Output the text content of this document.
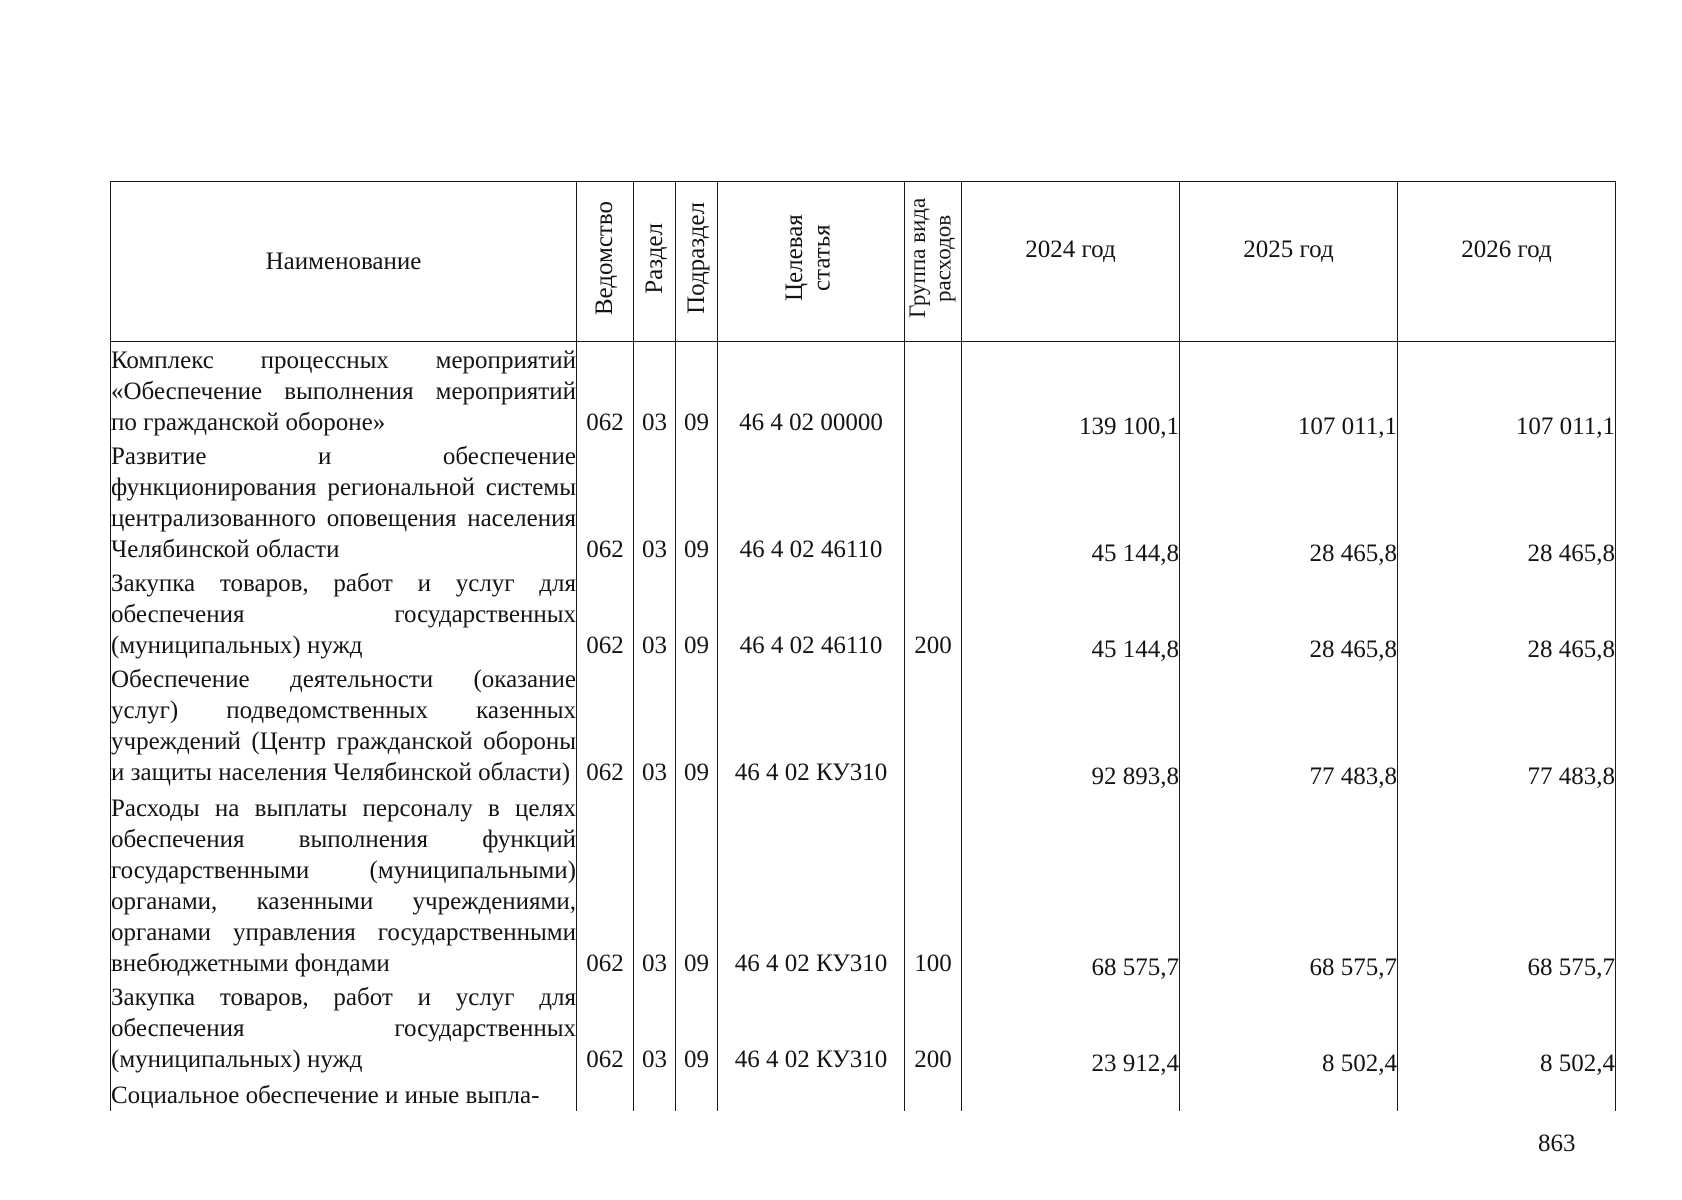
Наименование	Ведомство	Раздел	Подраздел	Целевая статья	Группа вида расходов	2024 год	2025 год	2026 год
Комплекс процессных мероприятий «Обеспечение выполнения мероприятий по гражданской обороне»	062	03	09	46 4 02 00000		139 100,1	107 011,1	107 011,1
Развитие и обеспечение функционирования региональной системы централизованного оповещения населения Челябинской области	062	03	09	46 4 02 46110		45 144,8	28 465,8	28 465,8
Закупка товаров, работ и услуг для обеспечения государственных (муниципальных) нужд	062	03	09	46 4 02 46110	200	45 144,8	28 465,8	28 465,8
Обеспечение деятельности (оказание услуг) подведомственных казенных учреждений (Центр гражданской обороны и защиты населения Челябинской области)	062	03	09	46 4 02 КУ310		92 893,8	77 483,8	77 483,8
Расходы на выплаты персоналу в целях обеспечения выполнения функций государственными (муниципальными) органами, казенными учреждениями, органами управления государственными внебюджетными фондами	062	03	09	46 4 02 КУ310	100	68 575,7	68 575,7	68 575,7
Закупка товаров, работ и услуг для обеспечения государственных (муниципальных) нужд	062	03	09	46 4 02 КУ310	200	23 912,4	8 502,4	8 502,4
Социальное обеспечение и иные выпла-								
863
